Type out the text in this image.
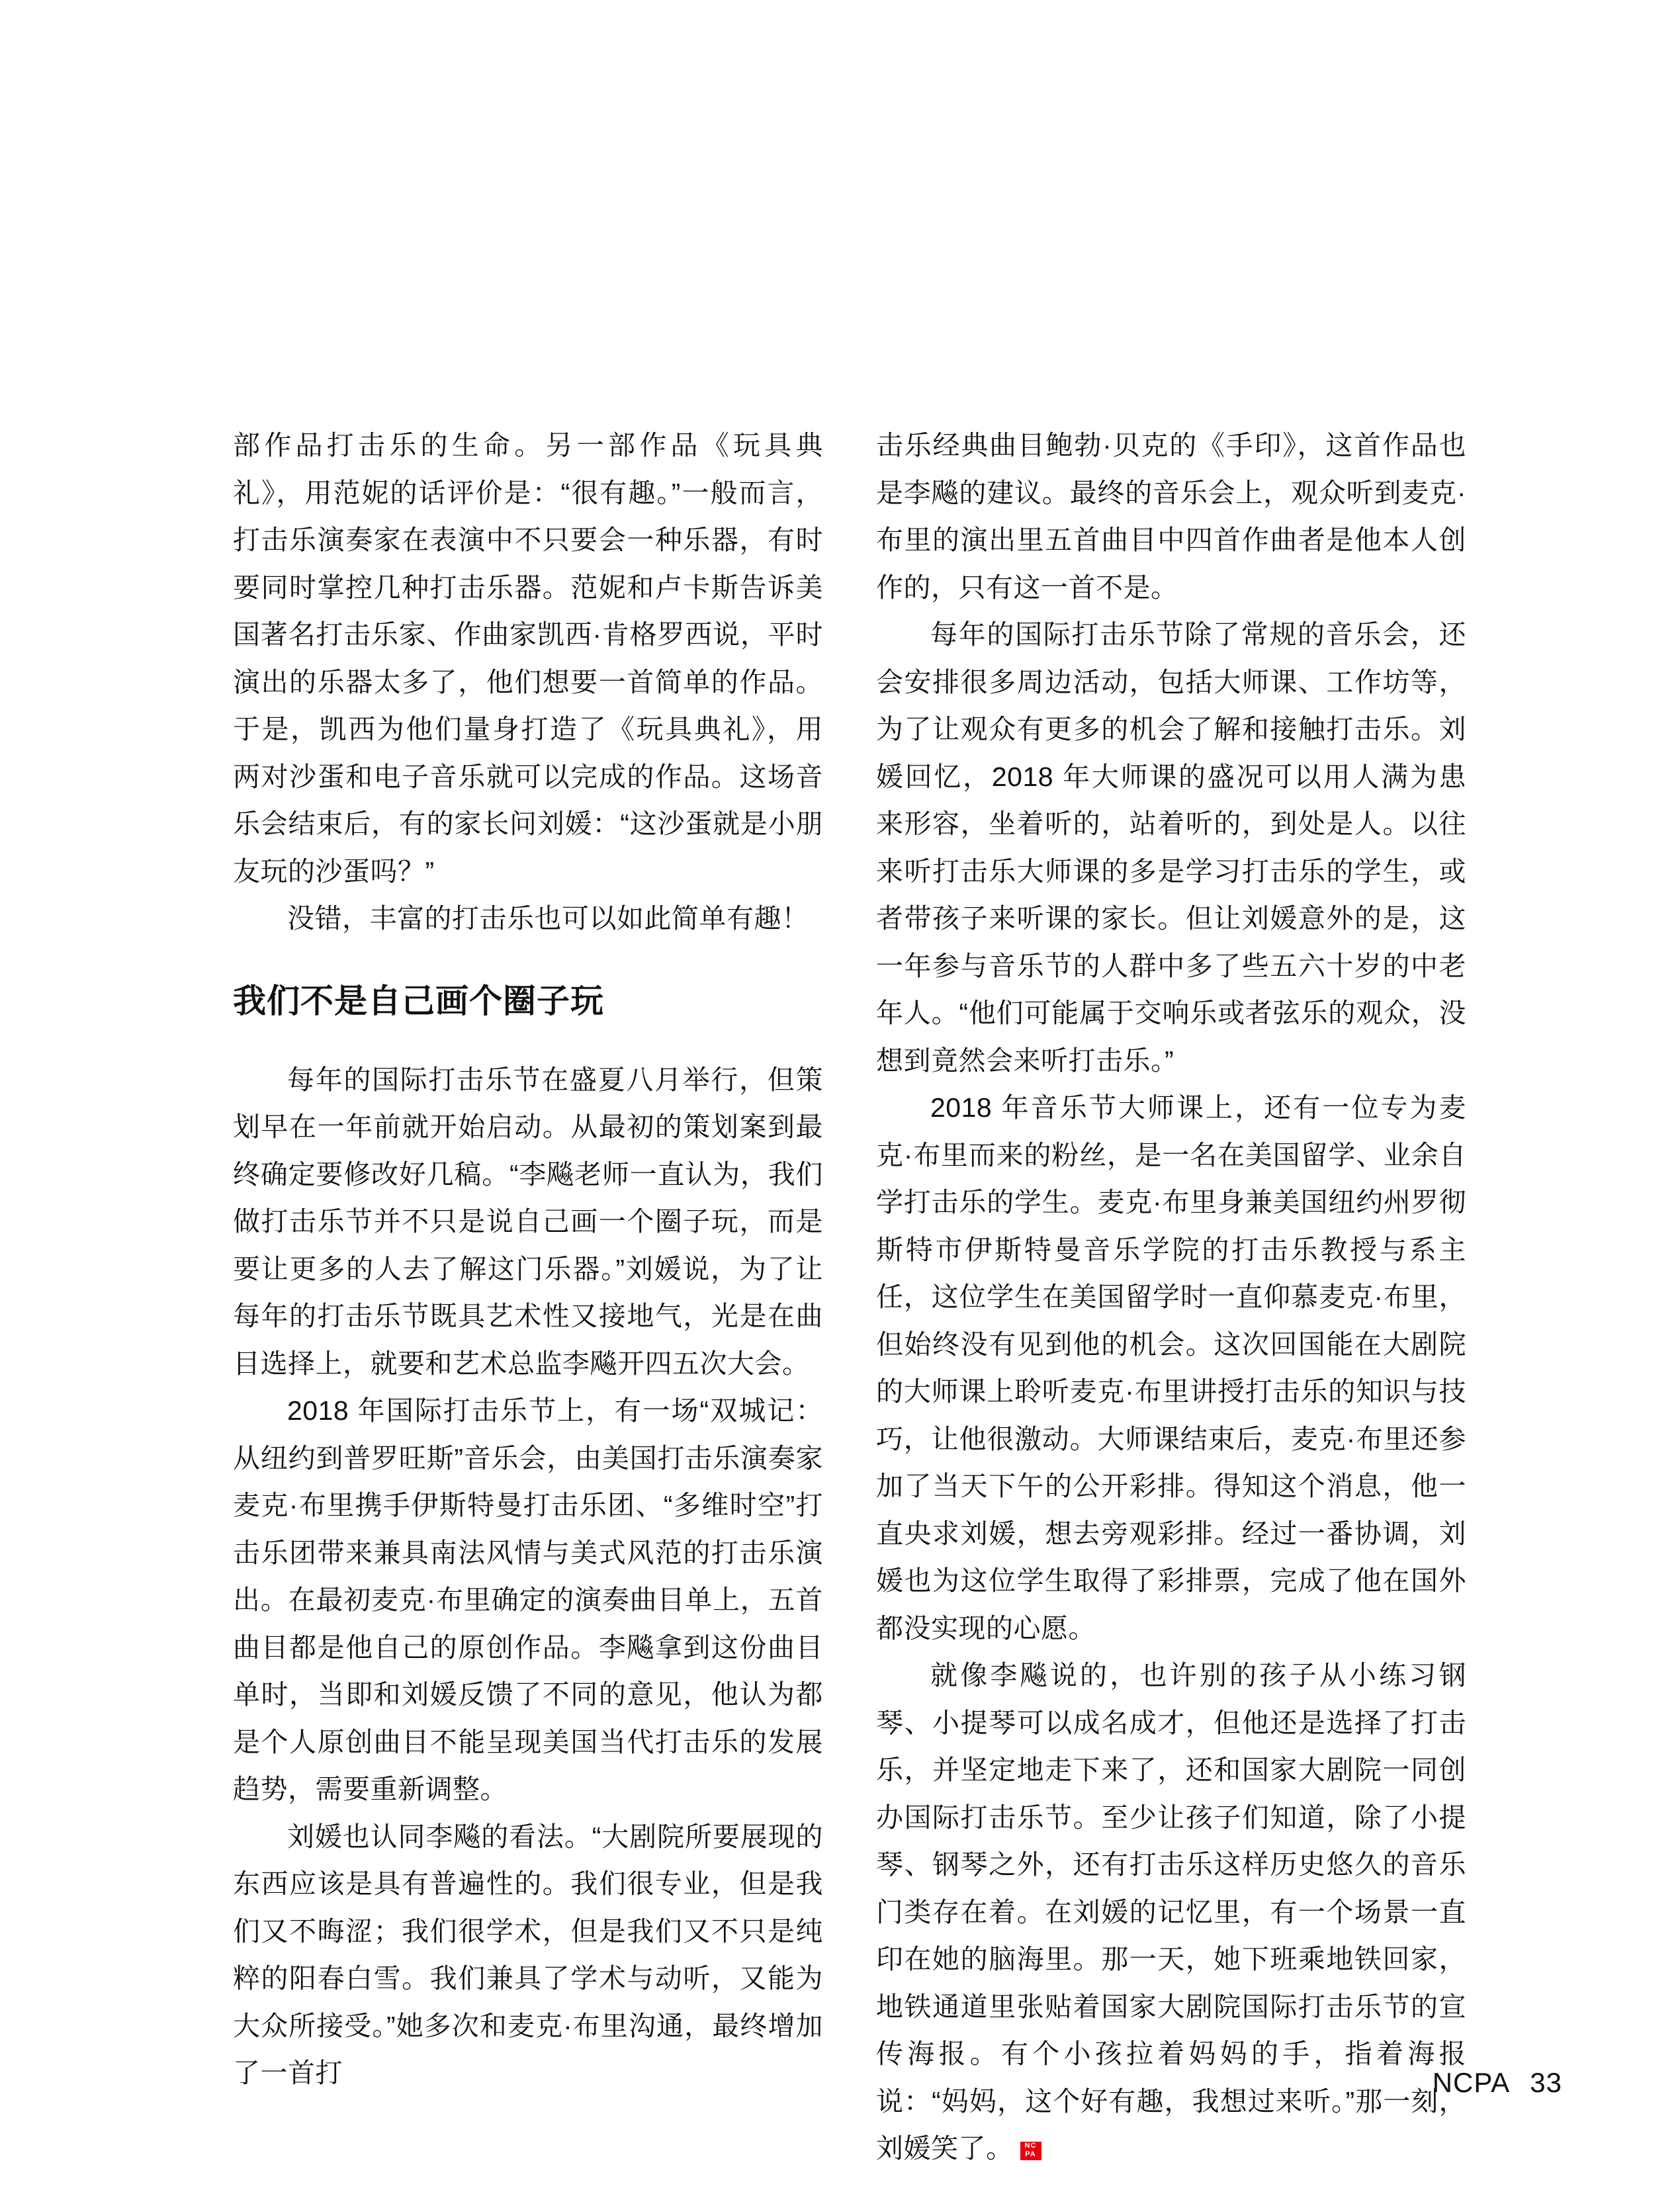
部作品打击乐的生命。另一部作品《玩具典礼》，用范妮的话评价是：“很有趣。”一般而言，打击乐演奏家在表演中不只要会一种乐器，有时要同时掌控几种打击乐器。范妮和卢卡斯告诉美国著名打击乐家、作曲家凯西·肯格罗西说，平时演出的乐器太多了，他们想要一首简单的作品。于是，凯西为他们量身打造了《玩具典礼》，用两对沙蛋和电子音乐就可以完成的作品。这场音乐会结束后，有的家长问刘媛：“这沙蛋就是小朋友玩的沙蛋吗？”

没错，丰富的打击乐也可以如此简单有趣！

我们不是自己画个圈子玩

每年的国际打击乐节在盛夏八月举行，但策划早在一年前就开始启动。从最初的策划案到最终确定要修改好几稿。“李飚老师一直认为，我们做打击乐节并不只是说自己画一个圈子玩，而是要让更多的人去了解这门乐器。”刘媛说，为了让每年的打击乐节既具艺术性又接地气，光是在曲目选择上，就要和艺术总监李飚开四五次大会。

2018 年国际打击乐节上，有一场“双城记：从纽约到普罗旺斯”音乐会，由美国打击乐演奏家麦克·布里携手伊斯特曼打击乐团、“多维时空”打击乐团带来兼具南法风情与美式风范的打击乐演出。在最初麦克·布里确定的演奏曲目单上，五首曲目都是他自己的原创作品。李飚拿到这份曲目单时，当即和刘媛反馈了不同的意见，他认为都是个人原创曲目不能呈现美国当代打击乐的发展趋势，需要重新调整。

刘媛也认同李飚的看法。“大剧院所要展现的东西应该是具有普遍性的。我们很专业，但是我们又不晦涩；我们很学术，但是我们又不只是纯粹的阳春白雪。我们兼具了学术与动听，又能为大众所接受。”她多次和麦克·布里沟通，最终增加了一首打

击乐经典曲目鲍勃·贝克的《手印》，这首作品也是李飚的建议。最终的音乐会上，观众听到麦克·布里的演出里五首曲目中四首作曲者是他本人创作的，只有这一首不是。

每年的国际打击乐节除了常规的音乐会，还会安排很多周边活动，包括大师课、工作坊等，为了让观众有更多的机会了解和接触打击乐。刘媛回忆，2018 年大师课的盛况可以用人满为患来形容，坐着听的，站着听的，到处是人。以往来听打击乐大师课的多是学习打击乐的学生，或者带孩子来听课的家长。但让刘媛意外的是，这一年参与音乐节的人群中多了些五六十岁的中老年人。“他们可能属于交响乐或者弦乐的观众，没想到竟然会来听打击乐。”

2018 年音乐节大师课上，还有一位专为麦克·布里而来的粉丝，是一名在美国留学、业余自学打击乐的学生。麦克·布里身兼美国纽约州罗彻斯特市伊斯特曼音乐学院的打击乐教授与系主任，这位学生在美国留学时一直仰慕麦克·布里，但始终没有见到他的机会。这次回国能在大剧院的大师课上聆听麦克·布里讲授打击乐的知识与技巧，让他很激动。大师课结束后，麦克·布里还参加了当天下午的公开彩排。得知这个消息，他一直央求刘媛，想去旁观彩排。经过一番协调，刘媛也为这位学生取得了彩排票，完成了他在国外都没实现的心愿。

就像李飚说的，也许别的孩子从小练习钢琴、小提琴可以成名成才，但他还是选择了打击乐，并坚定地走下来了，还和国家大剧院一同创办国际打击乐节。至少让孩子们知道，除了小提琴、钢琴之外，还有打击乐这样历史悠久的音乐门类存在着。在刘媛的记忆里，有一个场景一直印在她的脑海里。那一天，她下班乘地铁回家，地铁通道里张贴着国家大剧院国际打击乐节的宣传海报。有个小孩拉着妈妈的手，指着海报说：“妈妈，这个好有趣，我想过来听。”那一刻，刘媛笑了。	NC
PA

NCPA 33
